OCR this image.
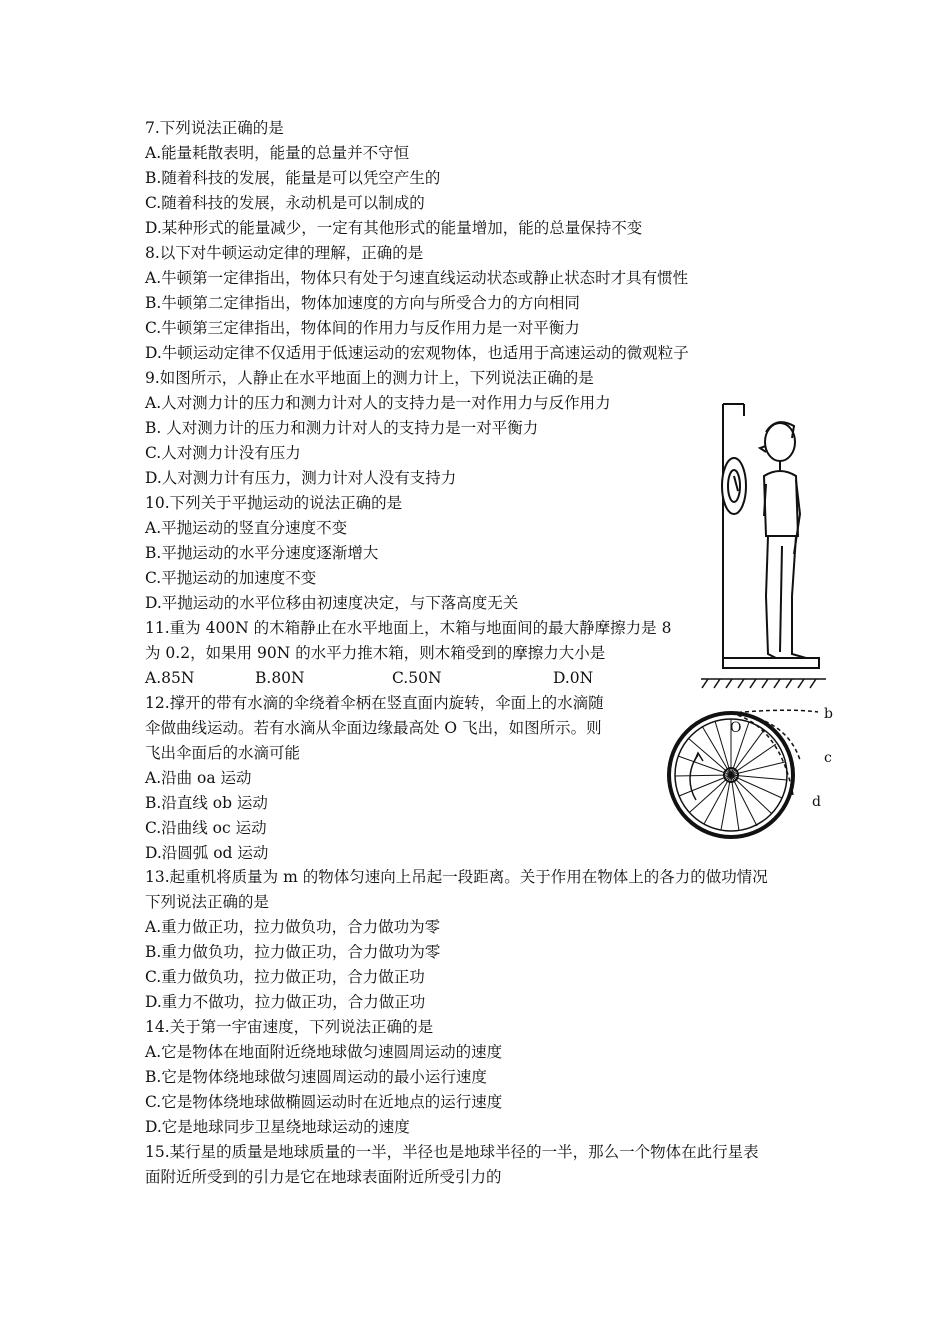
7.下列说法正确的是
A.能量耗散表明，能量的总量并不守恒
B.随着科技的发展，能量是可以凭空产生的
C.随着科技的发展，永动机是可以制成的
D.某种形式的能量减少，一定有其他形式的能量增加，能的总量保持不变
8.以下对牛顿运动定律的理解，正确的是
A.牛顿第一定律指出，物体只有处于匀速直线运动状态或静止状态时才具有惯性
B.牛顿第二定律指出，物体加速度的方向与所受合力的方向相同
C.牛顿第三定律指出，物体间的作用力与反作用力是一对平衡力
D.牛顿运动定律不仅适用于低速运动的宏观物体，也适用于高速运动的微观粒子
9.如图所示，人静止在水平地面上的测力计上，下列说法正确的是
A.人对测力计的压力和测力计对人的支持力是一对作用力与反作用力
B. 人对测力计的压力和测力计对人的支持力是一对平衡力
C.人对测力计没有压力
D.人对测力计有压力，测力计对人没有支持力
10.下列关于平抛运动的说法正确的是
A.平抛运动的竖直分速度不变
B.平抛运动的水平分速度逐渐增大
C.平抛运动的加速度不变
D.平抛运动的水平位移由初速度决定，与下落高度无关
11.重为 400N 的木箱静止在水平地面上，木箱与地面间的最大静摩擦力是 8
为 0.2，如果用 90N 的水平力推木箱，则木箱受到的摩擦力大小是
A.85N	B.80N	C.50N	D.0N
12.撑开的带有水滴的伞绕着伞柄在竖直面内旋转，伞面上的水滴随
伞做曲线运动。若有水滴从伞面边缘最高处 O 飞出，如图所示。则
飞出伞面后的水滴可能
A.沿曲 oa 运动
B.沿直线 ob 运动
C.沿曲线 oc 运动
D.沿圆弧 od 运动
13.起重机将质量为 m 的物体匀速向上吊起一段距离。关于作用在物体上的各力的做功情况
下列说法正确的是
A.重力做正功，拉力做负功，合力做功为零
B.重力做负功，拉力做正功，合力做功为零
C.重力做负功，拉力做正功，合力做正功
D.重力不做功，拉力做正功，合力做正功
14.关于第一宇宙速度，下列说法正确的是
A.它是物体在地面附近绕地球做匀速圆周运动的速度
B.它是物体绕地球做匀速圆周运动的最小运行速度
C.它是物体绕地球做椭圆运动时在近地点的运行速度
D.它是地球同步卫星绕地球运动的速度
15.某行星的质量是地球质量的一半，半径也是地球半径的一半，那么一个物体在此行星表
面附近所受到的引力是它在地球表面附近所受引力的
O
b
c
d
